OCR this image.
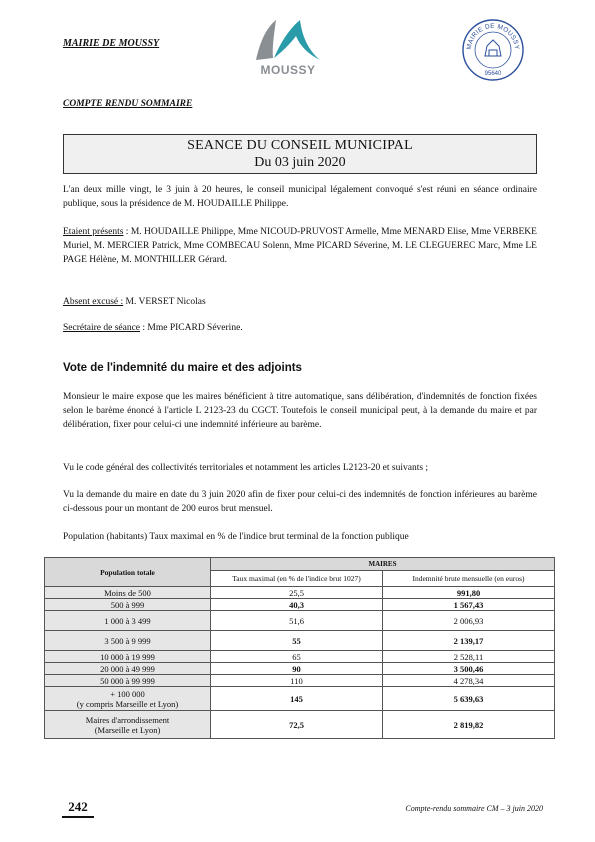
MAIRIE DE MOUSSY
MOUSSY
MAIRIE DE MOUSSY
95640
COMPTE RENDU SOMMAIRE
SEANCE DU CONSEIL MUNICIPAL
Du 03 juin 2020

L'an deux mille vingt, le 3 juin à 20 heures, le conseil municipal légalement convoqué s'est réuni en séance ordinaire publique, sous la présidence de M. HOUDAILLE Philippe.

Etaient présents : M. HOUDAILLE Philippe, Mme NICOUD-PRUVOST Armelle, Mme MENARD Elise, Mme VERBEKE Muriel, M. MERCIER Patrick, Mme COMBECAU Solenn, Mme PICARD Séverine, M. LE CLEGUEREC Marc, Mme LE PAGE Hélène, M. MONTHILLER Gérard.

Absent excusé : M. VERSET Nicolas

Secrétaire de séance : Mme PICARD Séverine.

Vote de l'indemnité du maire et des adjoints

Monsieur le maire expose que les maires bénéficient à titre automatique, sans délibération, d'indemnités de fonction fixées selon le barème énoncé à l'article L 2123-23 du CGCT. Toutefois le conseil municipal peut, à la demande du maire et par délibération, fixer pour celui-ci une indemnité inférieure au barème.

Vu le code général des collectivités territoriales et notamment les articles L2123-20 et suivants ;

Vu la demande du maire en date du 3 juin 2020 afin de fixer pour celui-ci des indemnités de fonction inférieures au barème ci-dessous pour un montant de 200 euros brut mensuel.

Population (habitants) Taux maximal en % de l'indice brut terminal de la fonction publique

Population totale	MAIRES	
	Taux maximal (en % de l'indice brut 1027)	Indemnité brute mensuelle (en euros)
Moins de 500	25,5	991,80
500 à 999	40,3	1 567,43
1 000 à 3 499	51,6	2 006,93
3 500 à 9 999	55	2 139,17
10 000 à 19 999	65	2 528,11
20 000 à 49 999	90	3 500,46
50 000 à 99 999	110	4 278,34

+ 100 000
(y compris Marseille et Lyon)	145	5 639,63

Maires d'arrondissement
(Marseille et Lyon)	72,5	2 819,82
242	Compte-rendu sommaire CM – 3 juin 2020
